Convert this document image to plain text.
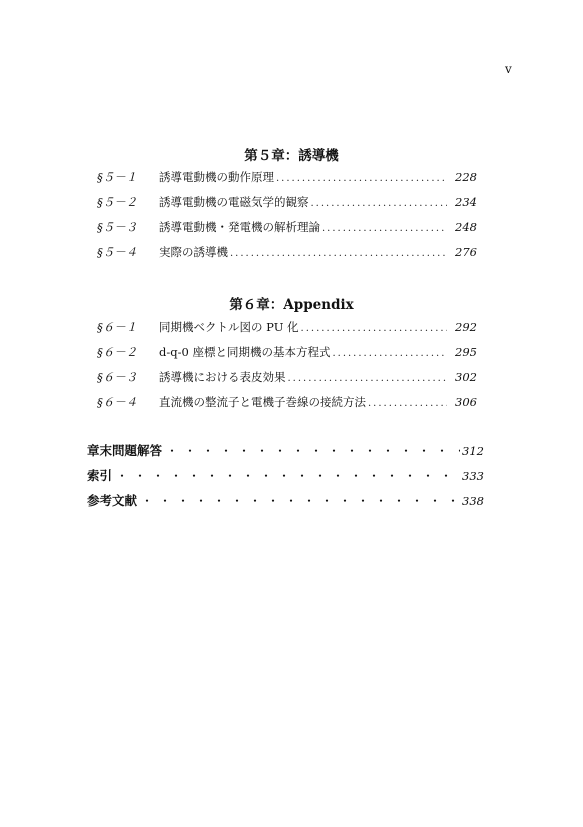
v
第５章：誘導機
§５－１	誘導電動機の動作原理 .....	228
§５－２	誘導電動機の電磁気学的観察 .....	234
§５－３	誘導電動機・発電機の解析理論 .....	248
§５－４	実際の誘導機 .....	276
第６章：Appendix
§６－１	同期機ベクトル図の PU 化 .....	292
§６－２	d-q-0 座標と同期機の基本方程式 .....	295
§６－３	誘導機における表皮効果 .....	302
§６－４	直流機の整流子と電機子巻線の接続方法 .....	306
章末問題解答 ・・・・・・・・・・・・・・・・・・・・・・・・・・・・・・・・・・・・・・・・	312
索引 ・・・・・・・・・・・・・・・・・・・・・・・・・・・・・・・・・・・・・・・・	333
参考文献 ・・・・・・・・・・・・・・・・・・・・・・・・・・・・・・・・・・・・・・・・	338
